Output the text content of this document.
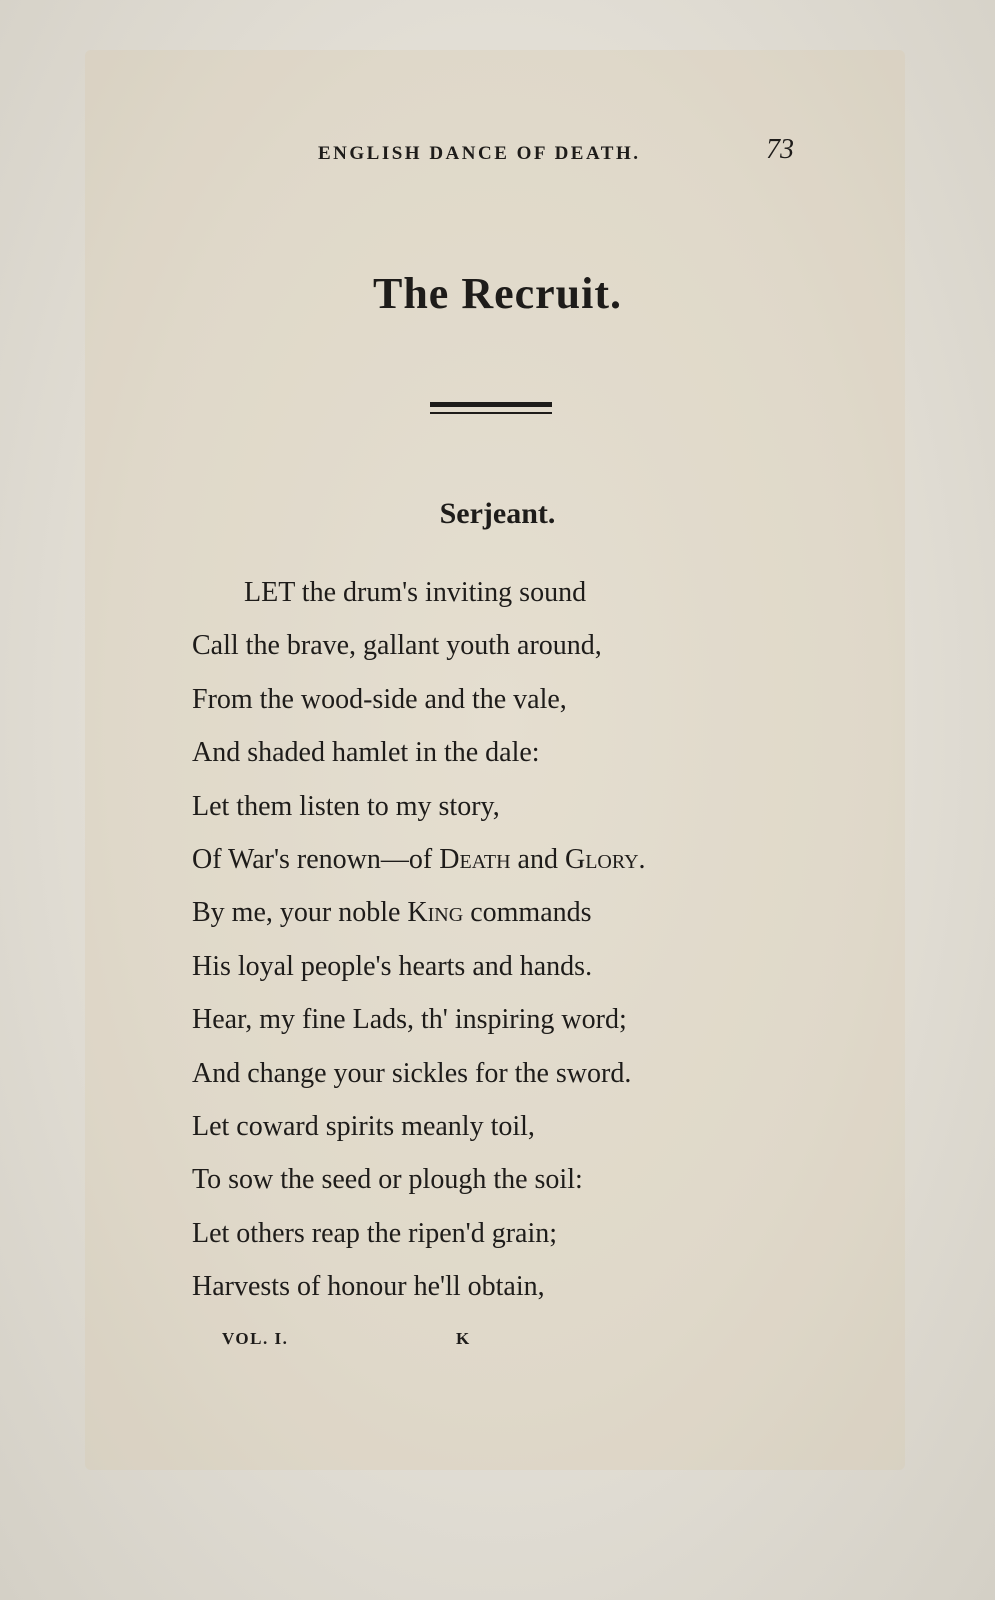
ENGLISH DANCE OF DEATH.	73
The Recruit.
Serjeant.
LET the drum's inviting sound
Call the brave, gallant youth around,
From the wood-side and the vale,
And shaded hamlet in the dale:
Let them listen to my story,
Of War's renown—of Death and Glory.
By me, your noble King commands
His loyal people's hearts and hands.
Hear, my fine Lads, th' inspiring word;
And change your sickles for the sword.
Let coward spirits meanly toil,
To sow the seed or plough the soil:
Let others reap the ripen'd grain;
Harvests of honour he'll obtain,
VOL. I.	K
